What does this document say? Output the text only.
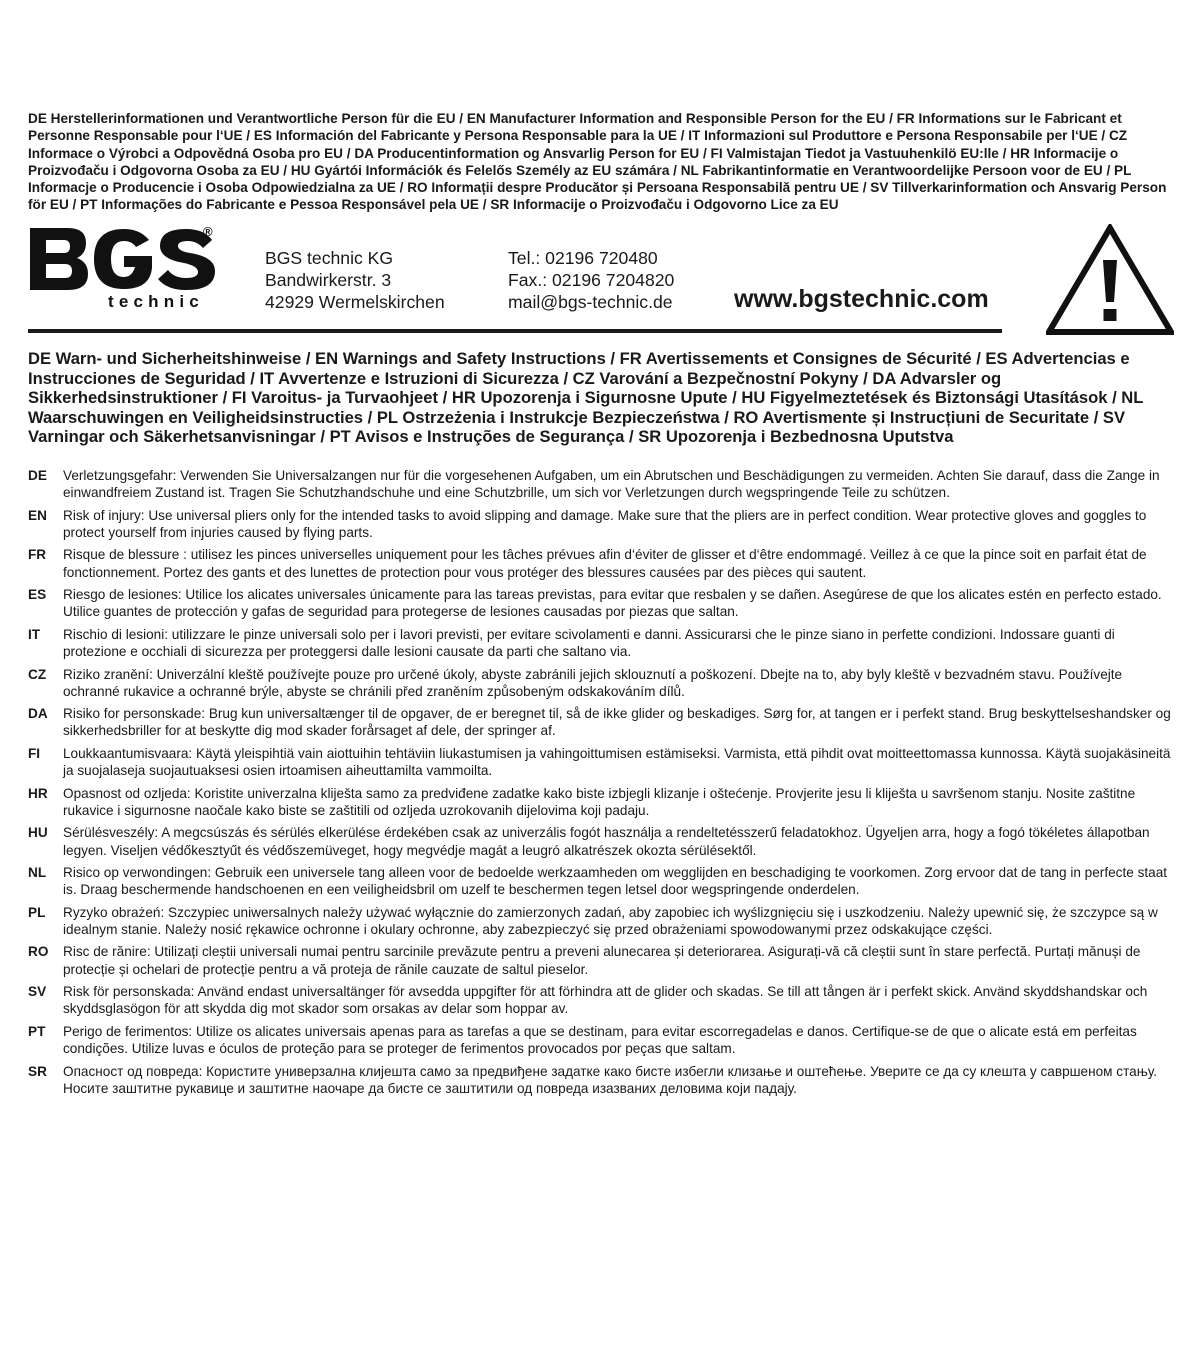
DE Herstellerinformationen und Verantwortliche Person für die EU / EN Manufacturer Information and Responsible Person for the EU / FR Informations sur le Fabricant et Personne Responsable pour l‘UE / ES Información del Fabricante y Persona Responsable para la UE / IT Informazioni sul Produttore e Persona Responsabile per l‘UE / CZ Informace o Výrobci a Odpovědná Osoba pro EU / DA Producentinformation og Ansvarlig Person for EU / FI Valmistajan Tiedot ja Vastuuhenkilö EU:lle / HR Informacije o Proizvođaču i Odgovorna Osoba za EU / HU Gyártói Információk és Felelős Személy az EU számára / NL Fabrikantinformatie en Verantwoordelijke Persoon voor de EU / PL Informacje o Producencie i Osoba Odpowiedzialna za UE / RO Informații despre Producător și Persoana Responsabilă pentru UE / SV Tillverkarinformation och Ansvarig Person för EU / PT Informações do Fabricante e Pessoa Responsável pela UE / SR Informacije o Proizvođaču i Odgovorno Lice za EU

®
technic
BGS technic KG
Bandwirkerstr. 3
42929 Wermelskirchen
Tel.: 02196 720480
Fax.: 02196 7204820
mail@bgs-technic.de www.bgstechnic.com

DE Warn- und Sicherheitshinweise / EN Warnings and Safety Instructions / FR Avertissements et Consignes de Sécurité / ES Advertencias e Instrucciones de Seguridad / IT Avvertenze e Istruzioni di Sicurezza / CZ Varování a Bezpečnostní Pokyny / DA Advarsler og Sikkerhedsinstruktioner / FI Varoitus- ja Turvaohjeet / HR Upozorenja i Sigurnosne Upute / HU Figyelmeztetések és Biztonsági Utasítások / NL Waarschuwingen en Veiligheidsinstructies / PL Ostrzeżenia i Instrukcje Bezpieczeństwa / RO Avertismente și Instrucțiuni de Securitate / SV Varningar och Säkerhetsanvisningar / PT Avisos e Instruções de Segurança / SR Upozorenja i Bezbednosna Uputstva

DE	Verletzungsgefahr: Verwenden Sie Universalzangen nur für die vorgesehenen Aufgaben, um ein Abrutschen und Beschädigungen zu vermeiden. Achten Sie darauf, dass die Zange in einwandfreiem Zustand ist. Tragen Sie Schutzhandschuhe und eine Schutzbrille, um sich vor Verletzungen durch wegspringende Teile zu schützen.

EN	Risk of injury: Use universal pliers only for the intended tasks to avoid slipping and damage. Make sure that the pliers are in perfect condition. Wear protective gloves and goggles to protect yourself from injuries caused by flying parts.

FR	Risque de blessure : utilisez les pinces universelles uniquement pour les tâches prévues afin d‘éviter de glisser et d‘être endommagé. Veillez à ce que la pince soit en parfait état de fonctionnement. Portez des gants et des lunettes de protection pour vous protéger des blessures causées par des pièces qui sautent.

ES	Riesgo de lesiones: Utilice los alicates universales únicamente para las tareas previstas, para evitar que resbalen y se dañen. Asegúrese de que los alicates estén en perfecto estado. Utilice guantes de protección y gafas de seguridad para protegerse de lesiones causadas por piezas que saltan.

IT	Rischio di lesioni: utilizzare le pinze universali solo per i lavori previsti, per evitare scivolamenti e danni. Assicurarsi che le pinze siano in perfette condizioni. Indossare guanti di protezione e occhiali di sicurezza per proteggersi dalle lesioni causate da parti che saltano via.

CZ	Riziko zranění: Univerzální kleště používejte pouze pro určené úkoly, abyste zabránili jejich sklouznutí a poškození. Dbejte na to, aby byly kleště v bezvadném stavu. Používejte ochranné rukavice a ochranné brýle, abyste se chránili před zraněním způsobeným odskakováním dílů.

DA	Risiko for personskade: Brug kun universaltænger til de opgaver, de er beregnet til, så de ikke glider og beskadiges. Sørg for, at tangen er i perfekt stand. Brug beskyttelseshandsker og sikkerhedsbriller for at beskytte dig mod skader forårsaget af dele, der springer af.

FI	Loukkaantumisvaara: Käytä yleispihtiä vain aiottuihin tehtäviin liukastumisen ja vahingoittumisen estämiseksi. Varmista, että pihdit ovat moitteettomassa kunnossa. Käytä suojakäsineitä ja suojalaseja suojautuaksesi osien irtoamisen aiheuttamilta vammoilta.

HR	Opasnost od ozljeda: Koristite univerzalna kliješta samo za predviđene zadatke kako biste izbjegli klizanje i oštećenje. Provjerite jesu li kliješta u savršenom stanju. Nosite zaštitne rukavice i sigurnosne naočale kako biste se zaštitili od ozljeda uzrokovanih dijelovima koji padaju.

HU	Sérülésveszély: A megcsúszás és sérülés elkerülése érdekében csak az univerzális fogót használja a rendeltetésszerű feladatokhoz. Ügyeljen arra, hogy a fogó tökéletes állapotban legyen. Viseljen védőkesztyűt és védőszemüveget, hogy megvédje magát a leugró alkatrészek okozta sérülésektől.

NL	Risico op verwondingen: Gebruik een universele tang alleen voor de bedoelde werkzaamheden om wegglijden en beschadiging te voorkomen. Zorg ervoor dat de tang in perfecte staat is. Draag beschermende handschoenen en een veiligheidsbril om uzelf te beschermen tegen letsel door wegspringende onderdelen.

PL	Ryzyko obrażeń: Szczypiec uniwersalnych należy używać wyłącznie do zamierzonych zadań, aby zapobiec ich wyślizgnięciu się i uszkodzeniu. Należy upewnić się, że szczypce są w idealnym stanie. Należy nosić rękawice ochronne i okulary ochronne, aby zabezpieczyć się przed obrażeniami spowodowanymi przez odskakujące części.

RO	Risc de rănire: Utilizați cleștii universali numai pentru sarcinile prevăzute pentru a preveni alunecarea și deteriorarea. Asigurați-vă că cleștii sunt în stare perfectă. Purtați mănuși de protecție și ochelari de protecție pentru a vă proteja de rănile cauzate de saltul pieselor.

SV	Risk för personskada: Använd endast universaltänger för avsedda uppgifter för att förhindra att de glider och skadas. Se till att tången är i perfekt skick. Använd skyddshandskar och skyddsglasögon för att skydda dig mot skador som orsakas av delar som hoppar av.

PT	Perigo de ferimentos: Utilize os alicates universais apenas para as tarefas a que se destinam, para evitar escorregadelas e danos. Certifique-se de que o alicate está em perfeitas condições. Utilize luvas e óculos de proteção para se proteger de ferimentos provocados por peças que saltam.

SR	Опасност од повреда: Користите универзална клијешта само за предвиђене задатке како бисте избегли клизање и оштећење. Уверите се да су клешта у савршеном стању. Носите заштитне рукавице и заштитне наочаре да бисте се заштитили од повреда изазваних деловима који падају.
